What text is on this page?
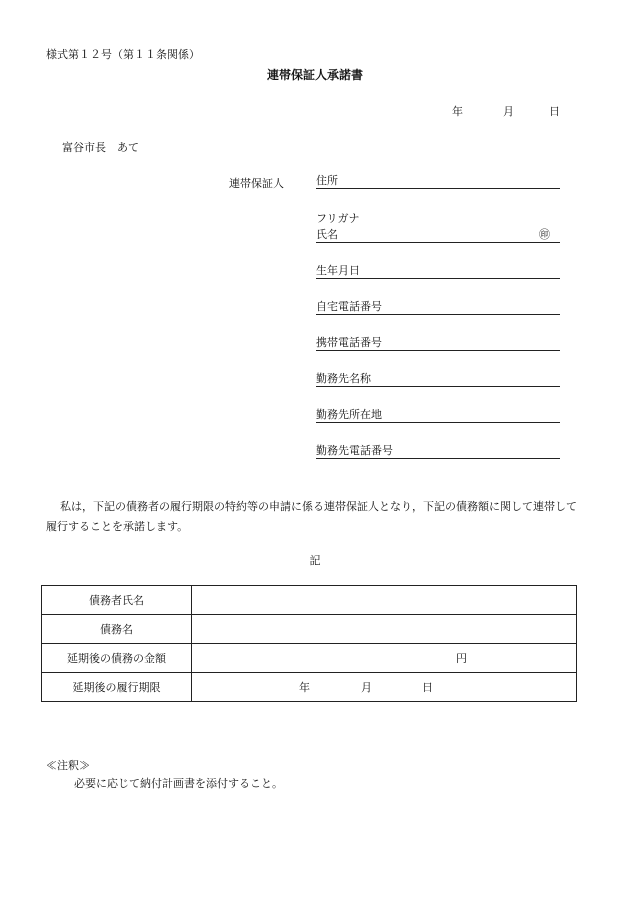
様式第１２号（第１１条関係）
連帯保証人承諾書
年	月	日
富谷市長　あて
連帯保証人	住所
フリガナ
氏名	㊞
生年月日
自宅電話番号
携帯電話番号
勤務先名称
勤務先所在地
勤務先電話番号
私は，下記の債務者の履行期限の特約等の申請に係る連帯保証人となり，下記の債務額に関して連帯して履行することを承諾します。
記
債務者氏名	
債務名	
延期後の債務の金額	円

延期後の履行期限	年 月 日
≪注釈≫
必要に応じて納付計画書を添付すること。
